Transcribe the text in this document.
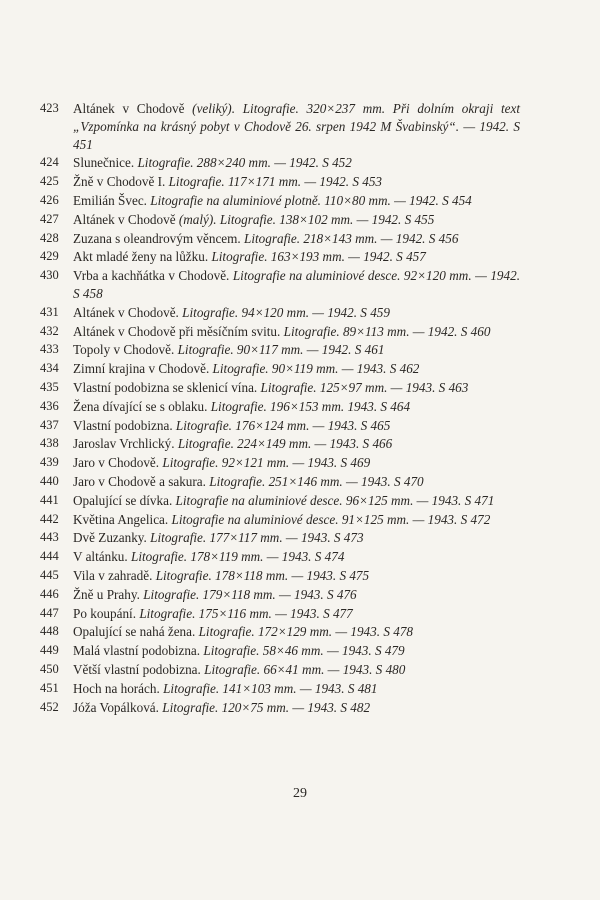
423	Altánek v Chodově (veliký). Litografie. 320×237 mm. Při dolním okraji text „Vzpomínka na krásný pobyt v Chodově 26. srpen 1942 M Švabinský“. — 1942. S 451
424	Slunečnice. Litografie. 288×240 mm. — 1942. S 452
425	Žně v Chodově I. Litografie. 117×171 mm. — 1942. S 453
426	Emilián Švec. Litografie na aluminiové plotně. 110×80 mm. — 1942. S 454
427	Altánek v Chodově (malý). Litografie. 138×102 mm. — 1942. S 455
428	Zuzana s oleandrovým věncem. Litografie. 218×143 mm. — 1942. S 456
429	Akt mladé ženy na lůžku. Litografie. 163×193 mm. — 1942. S 457
430	Vrba a kachňátka v Chodově. Litografie na aluminiové desce. 92×120 mm. — 1942. S 458
431	Altánek v Chodově. Litografie. 94×120 mm. — 1942. S 459
432	Altánek v Chodově při měsíčním svitu. Litografie. 89×113 mm. — 1942. S 460
433	Topoly v Chodově. Litografie. 90×117 mm. — 1942. S 461
434	Zimní krajina v Chodově. Litografie. 90×119 mm. — 1943. S 462
435	Vlastní podobizna se sklenicí vína. Litografie. 125×97 mm. — 1943. S 463
436	Žena dívající se s oblaku. Litografie. 196×153 mm. 1943. S 464
437	Vlastní podobizna. Litografie. 176×124 mm. — 1943. S 465
438	Jaroslav Vrchlický. Litografie. 224×149 mm. — 1943. S 466
439	Jaro v Chodově. Litografie. 92×121 mm. — 1943. S 469
440	Jaro v Chodově a sakura. Litografie. 251×146 mm. — 1943. S 470
441	Opalující se dívka. Litografie na aluminiové desce. 96×125 mm. — 1943. S 471
442	Květina Angelica. Litografie na aluminiové desce. 91×125 mm. — 1943. S 472
443	Dvě Zuzanky. Litografie. 177×117 mm. — 1943. S 473
444	V altánku. Litografie. 178×119 mm. — 1943. S 474
445	Vila v zahradě. Litografie. 178×118 mm. — 1943. S 475
446	Žně u Prahy. Litografie. 179×118 mm. — 1943. S 476
447	Po koupání. Litografie. 175×116 mm. — 1943. S 477
448	Opalující se nahá žena. Litografie. 172×129 mm. — 1943. S 478
449	Malá vlastní podobizna. Litografie. 58×46 mm. — 1943. S 479
450	Větší vlastní podobizna. Litografie. 66×41 mm. — 1943. S 480
451	Hoch na horách. Litografie. 141×103 mm. — 1943. S 481
452	Jóža Vopálková. Litografie. 120×75 mm. — 1943. S 482
29
